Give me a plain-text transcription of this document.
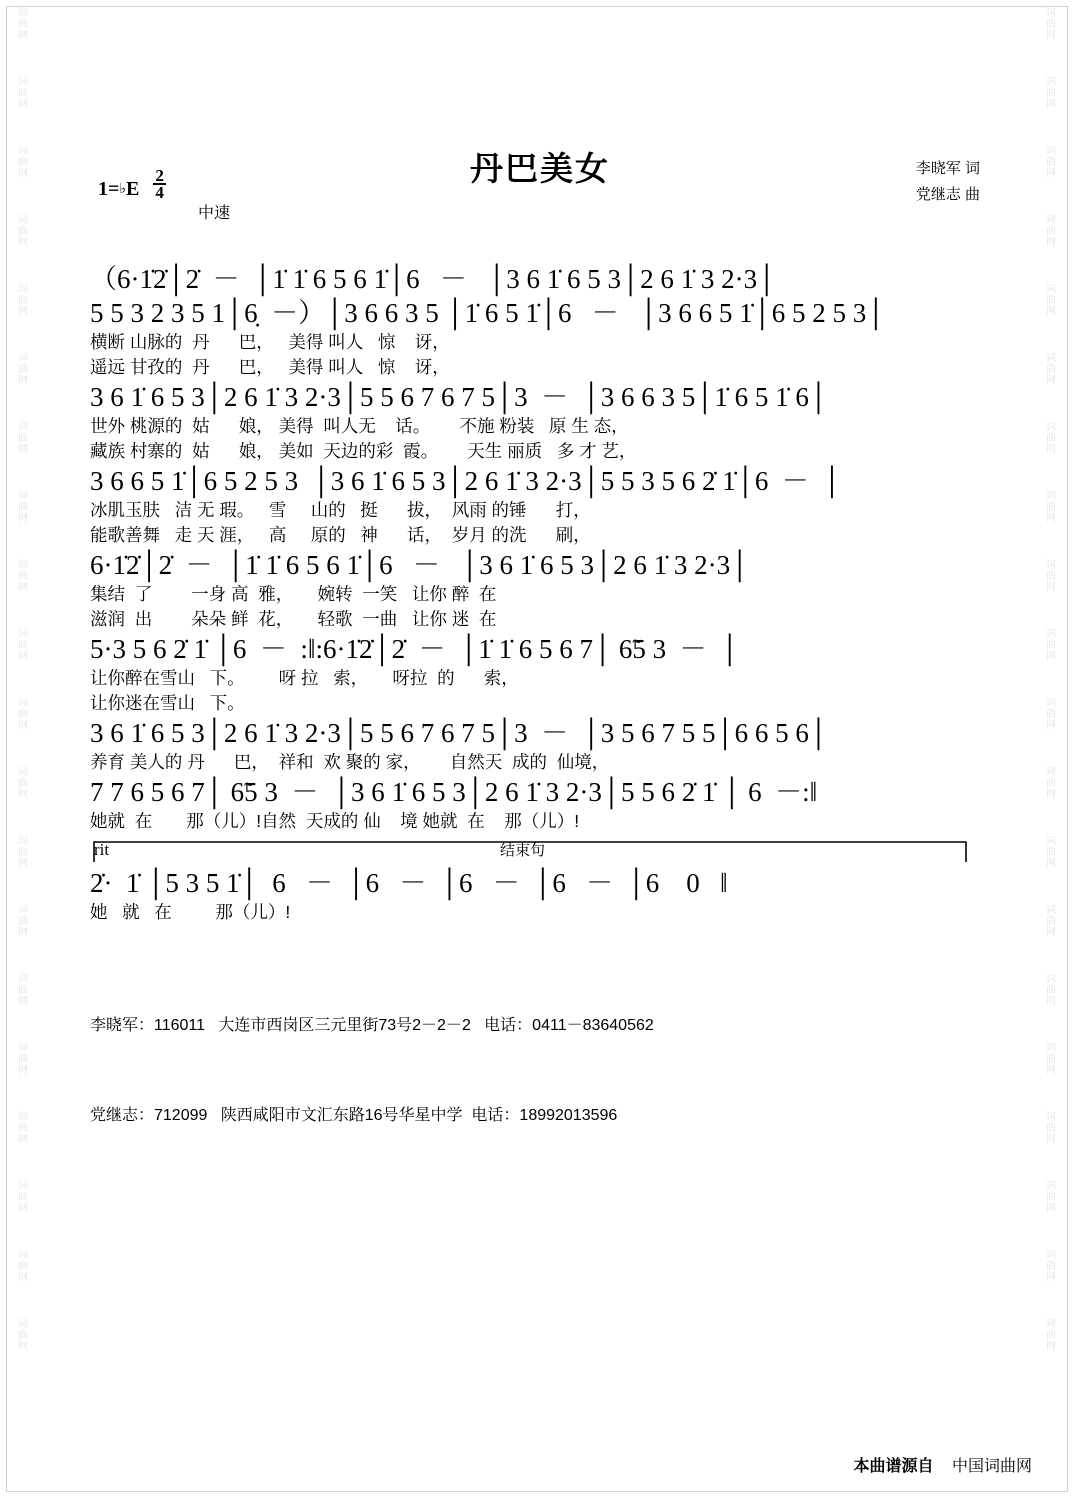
词
曲
网
词
曲
网
词
曲
网
词
曲
网
词
曲
网
词
曲
网
词
曲
网
词
曲
网
词
曲
网
词
曲
网
词
曲
网
词
曲
网
词
曲
网
词
曲
网
词
曲
网
词
曲
网
词
曲
网
词
曲
网
词
曲
网
词
曲
网
词
曲
网
词
曲
网
词
曲
网
词
曲
网
词
曲
网
词
曲
网
词
曲
网
词
曲
网
词
曲
网
词
曲
网
词
曲
网
词
曲
网
词
曲
网
词
曲
网
词
曲
网
词
曲
网
词
曲
网
词
曲
网
词
曲
网
词
曲
网
丹巴美女	李晓军 词
党继志 曲
1=♭E $\frac{2}{4}$
中速
（6·1̇2̇│2̇  －  │1̇ 1̇ 6 5 6 1̇│6   －   │3 6 1̇ 6 5 3│2 6 1̇ 3 2·3│
5 5 3 2 3 5 1│6̣  －）│3 6 6 3 5 │1̇ 6 5 1̇│6   －   │3 6 6 5 1̇│6 5 2 5 3│
横断 山脉的  丹      巴，   美得 叫人   惊    讶，
遥远 甘孜的  丹      巴，   美得 叫人   惊    讶，
3 6 1̇ 6 5 3│2 6 1̇ 3 2·3│5 5 6 7 6 7 5│3  －  │3 6 6 3 5│1̇ 6 5 1̇ 6│
世外 桃源的  姑      娘， 美得  叫人无    话。      不施 粉装   原 生 态，
藏族 村寨的  姑      娘， 美如  天边的彩  霞。      天生 丽质   多 才 艺，
3 6 6 5 1̇│6 5 2 5 3  │3 6 1̇ 6 5 3│2 6 1̇ 3 2·3│5 5 3 5 6 2̇ 1̇│6  －  │
冰肌玉肤   洁 无 瑕。   雪     山的   挺      拔，  风雨 的锤      打，
能歌善舞   走 天 涯，   高     原的   神      话，  岁月 的洗      刷，
6·1̇2̇│2̇  －  │1̇ 1̇ 6 5 6 1̇│6   －   │3 6 1̇ 6 5 3│2 6 1̇ 3 2·3│
集结  了        一身 高  雅，     婉转  一笑   让你 醉  在
滋润  出        朵朵 鲜  花，     轻歌  一曲   让你 迷  在
5·3 5 6 2̇ 1̇ │6  －  :‖:6·1̇2̇│2̇  －  │1̇ 1̇ 6 5 6 7│ 6̃5 3  －  │
让你醉在雪山   下。       呀 拉   索，     呀拉  的      索，
让你迷在雪山   下。
3 6 1̇ 6 5 3│2 6 1̇ 3 2·3│5 5 6 7 6 7 5│3  －  │3 5 6 7 5 5│6 6 5 6│
养育 美人的 丹      巴，  祥和  欢 聚的 家，      自然天  成的  仙境，
7 7 6 5 6 7│ 6̃5 3  －  │3 6 1̇ 6 5 3│2 6 1̇ 3 2·3│5 5 6 2̇ 1̇ │ 6  －:‖
她就  在       那（儿）!自然  天成的 仙    境 她就  在    那（儿）!
rit	结束句
2̇·  1̇ │5 3 5 1̇│  6   －  │6   －  │6   －  │6   －  │6    0   ‖
她   就   在         那（儿）!

李晓军：116011   大连市西岗区三元里街73号2－2－2   电话：0411－83640562

党继志：712099   陕西咸阳市文汇东路16号华星中学  电话：18992013596

本曲谱源自 中国词曲网
